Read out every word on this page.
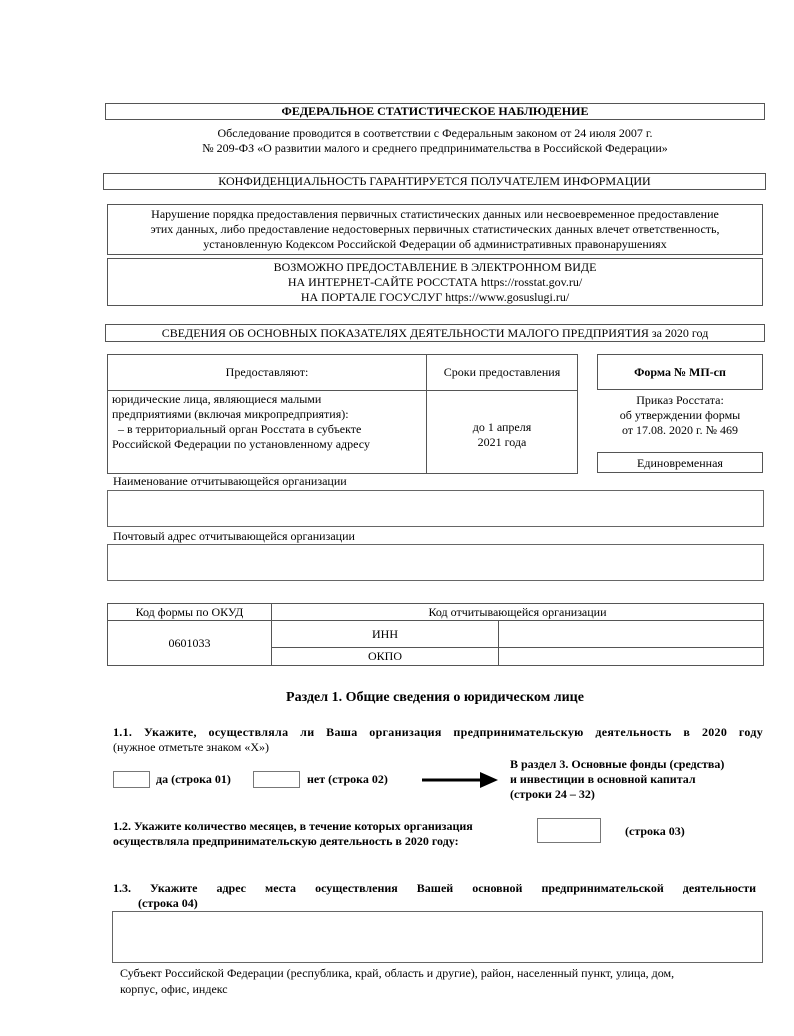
ФЕДЕРАЛЬНОЕ СТАТИСТИЧЕСКОЕ НАБЛЮДЕНИЕ
Обследование проводится в соответствии с Федеральным законом от 24 июля 2007 г.
№ 209-ФЗ «О развитии малого и среднего предпринимательства в Российской Федерации»
КОНФИДЕНЦИАЛЬНОСТЬ ГАРАНТИРУЕТСЯ ПОЛУЧАТЕЛЕМ ИНФОРМАЦИИ
Нарушение порядка предоставления первичных статистических данных или несвоевременное предоставление
этих данных, либо предоставление недостоверных первичных статистических данных влечет ответственность,
установленную Кодексом Российской Федерации об административных правонарушениях
ВОЗМОЖНО ПРЕДОСТАВЛЕНИЕ В ЭЛЕКТРОННОМ ВИДЕ
НА ИНТЕРНЕТ-САЙТЕ РОССТАТА https://rosstat.gov.ru/
НА ПОРТАЛЕ ГОСУСЛУГ https://www.gosuslugi.ru/
СВЕДЕНИЯ ОБ ОСНОВНЫХ ПОКАЗАТЕЛЯХ ДЕЯТЕЛЬНОСТИ МАЛОГО ПРЕДПРИЯТИЯ за 2020 год
Предоставляют:	Сроки предоставления

юридические лица, являющиеся малыми
предприятиями (включая микропредприятия):
– в территориальный орган Росстата в субъекте
Российской Федерации по установленному адресу

до 1 апреля
2021 года
Форма № МП-сп
Приказ Росстата:
об утверждении формы
от 17.08. 2020 г. № 469
Единовременная
Наименование отчитывающейся организации
Почтовый адрес отчитывающейся организации
Код формы по ОКУД	Код отчитывающейся организации	
0601033	ИНН	
	ОКПО	
Раздел 1. Общие сведения о юридическом лице
1.1. Укажите, осуществляла ли Ваша организация предпринимательскую деятельность в 2020 году
(нужное отметьте знаком «X»)
да (строка 01)	нет (строка 02)
В раздел 3. Основные фонды (средства)
и инвестиции в основной капитал
(строки 24 – 32)
1.2. Укажите количество месяцев, в течение которых организация
осуществляла предпринимательскую деятельность в 2020 году:
(строка 03)
1.3. Укажите адрес места осуществления Вашей основной предпринимательской деятельности
(строка 04)
Субъект Российской Федерации (республика, край, область и другие), район, населенный пункт, улица, дом,
корпус, офис, индекс
